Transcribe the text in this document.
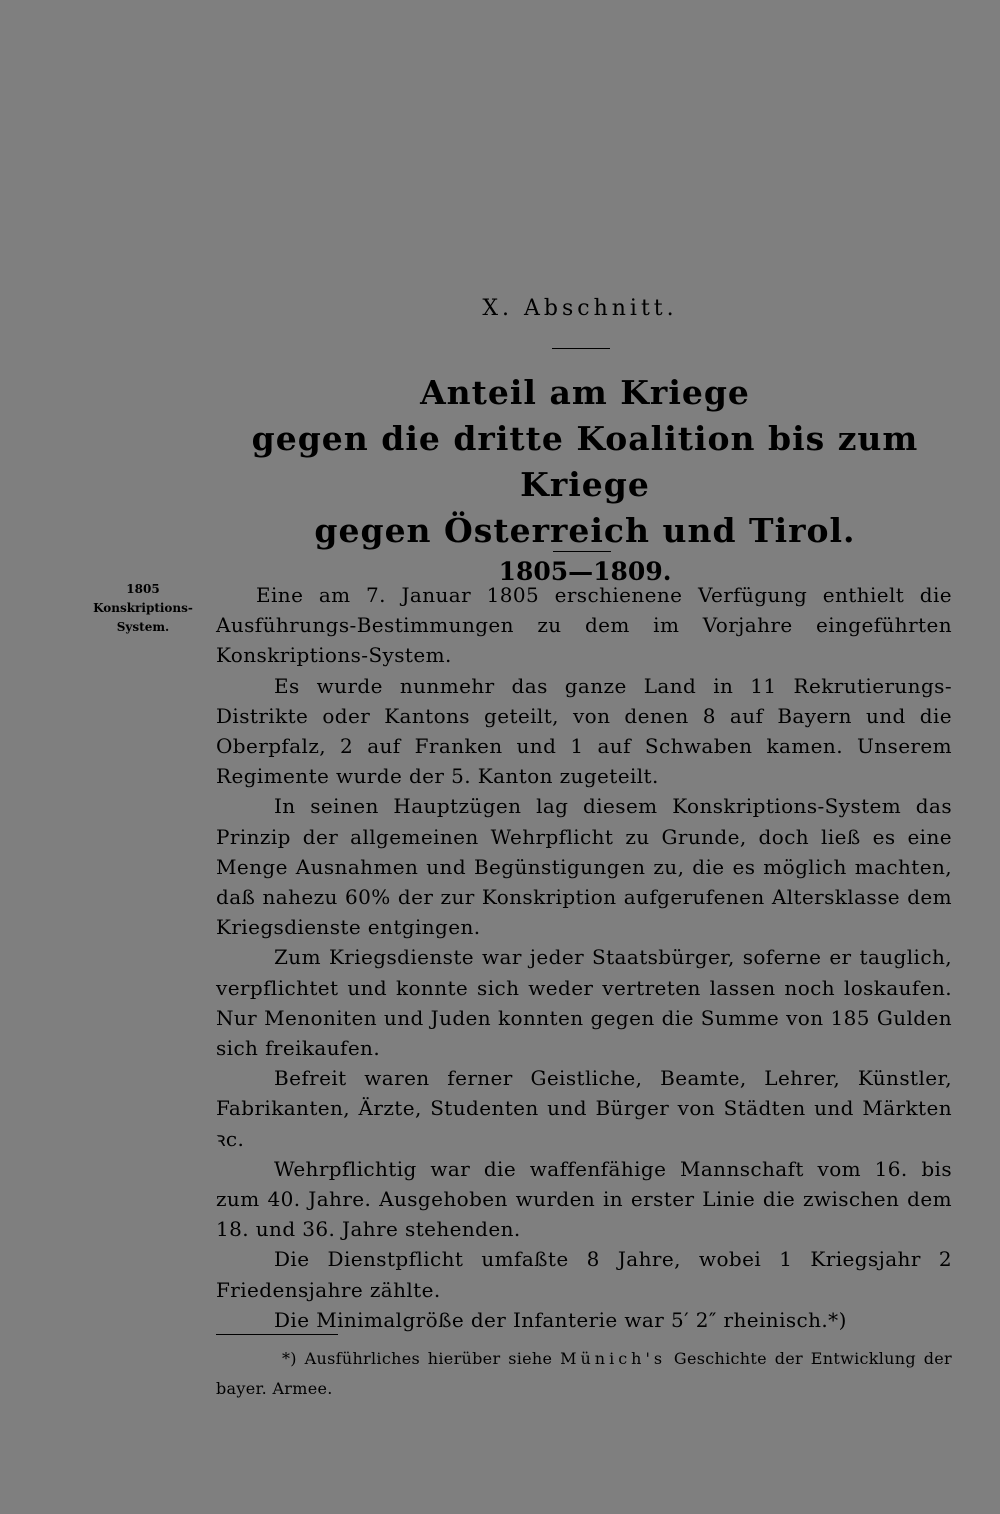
X. Abschnitt.
Anteil am Kriege
gegen die dritte Koalition bis zum Kriege
gegen Österreich und Tirol.
1805—1809.
1805
Konskriptions-
System.

Eine am 7. Januar 1805 erschienene Verfügung enthielt die Ausführungs-Bestimmungen zu dem im Vorjahre eingeführten Konskriptions-System.

Es wurde nunmehr das ganze Land in 11 Rekrutierungs-Distrikte oder Kantons geteilt, von denen 8 auf Bayern und die Oberpfalz, 2 auf Franken und 1 auf Schwaben kamen. Unserem Regimente wurde der 5. Kanton zugeteilt.

In seinen Hauptzügen lag diesem Konskriptions-System das Prinzip der allgemeinen Wehrpflicht zu Grunde, doch ließ es eine Menge Ausnahmen und Begünstigungen zu, die es möglich machten, daß nahezu 60% der zur Konskription aufgerufenen Altersklasse dem Kriegsdienste entgingen.

Zum Kriegsdienste war jeder Staatsbürger, soferne er tauglich, verpflichtet und konnte sich weder vertreten lassen noch loskaufen. Nur Menoniten und Juden konnten gegen die Summe von 185 Gulden sich freikaufen.

Befreit waren ferner Geistliche, Beamte, Lehrer, Künstler, Fabrikanten, Ärzte, Studenten und Bürger von Städten und Märkten ꝛc.

Wehrpflichtig war die waffenfähige Mannschaft vom 16. bis zum 40. Jahre. Ausgehoben wurden in erster Linie die zwischen dem 18. und 36. Jahre stehenden.

Die Dienstpflicht umfaßte 8 Jahre, wobei 1 Kriegsjahr 2 Friedensjahre zählte.

Die Minimalgröße der Infanterie war 5′ 2″ rheinisch.*)

*) Ausführliches hierüber siehe Münich's Geschichte der Entwicklung der bayer. Armee.
